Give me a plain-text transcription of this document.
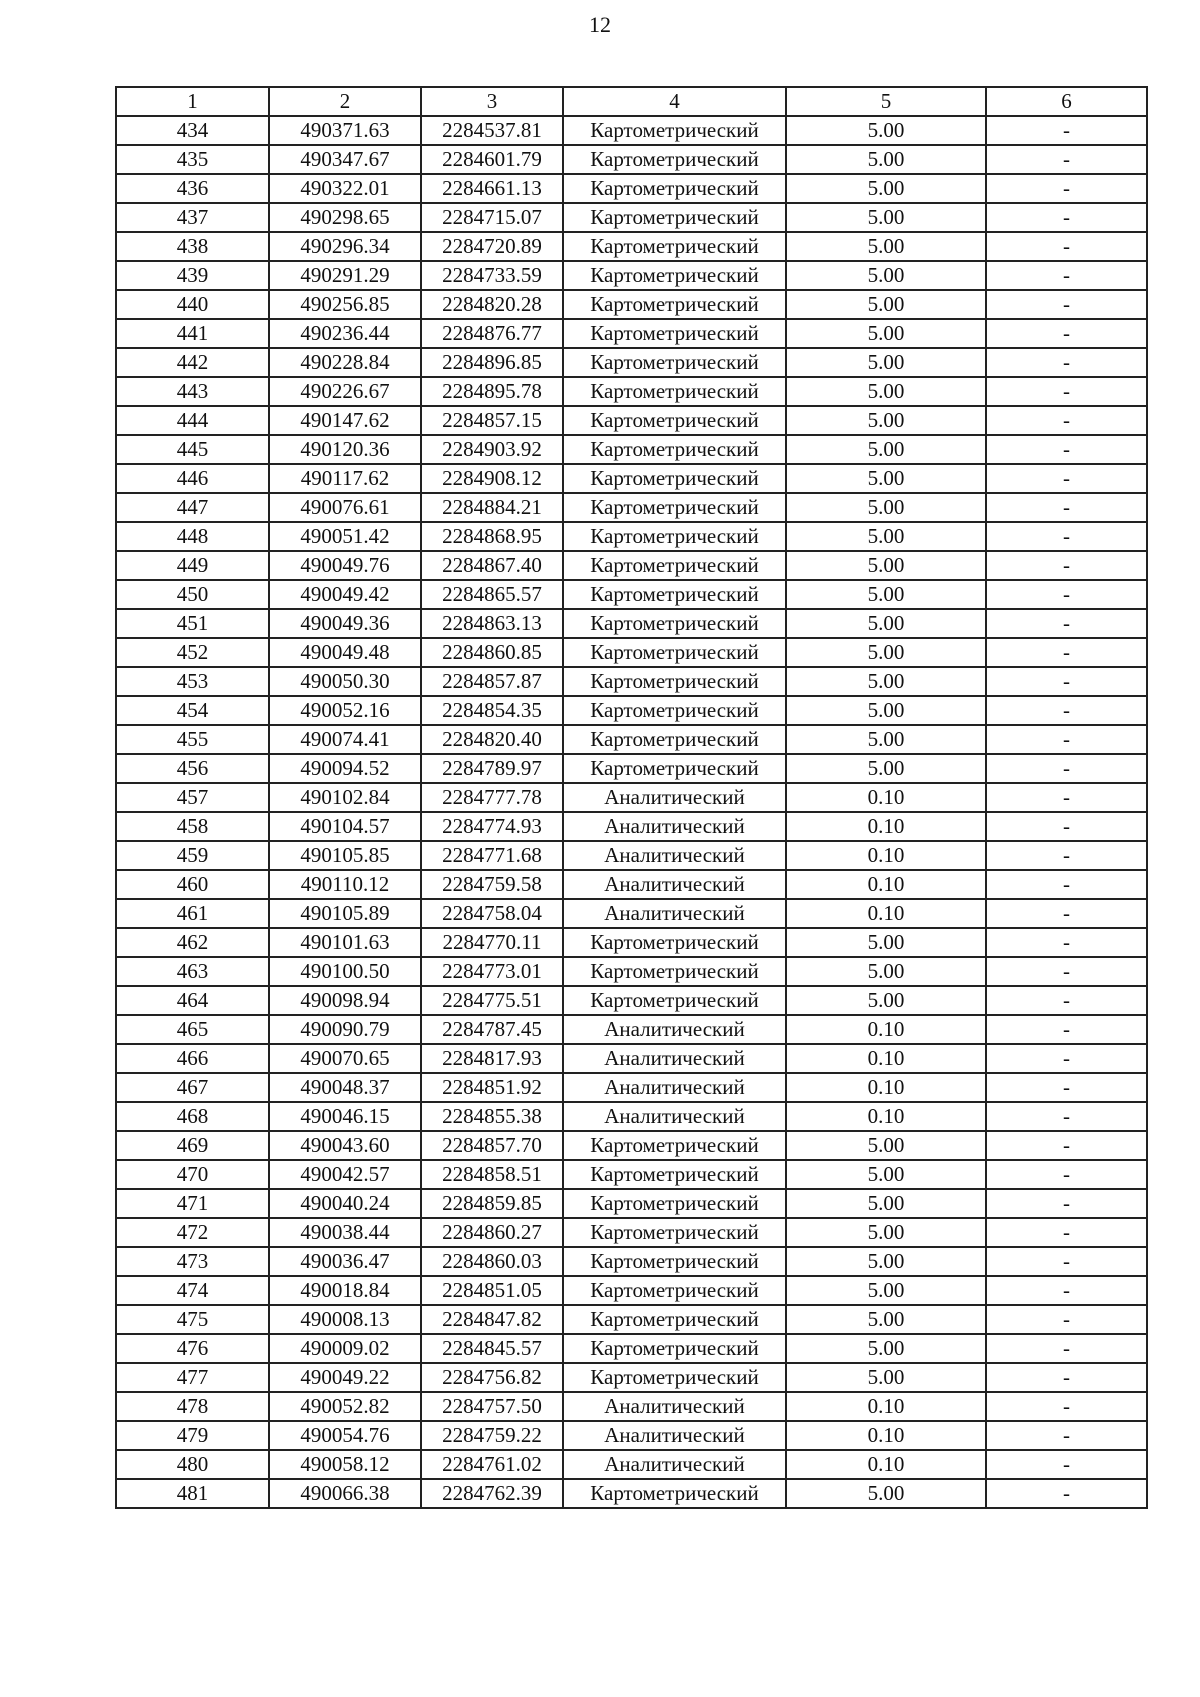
12
1	2	3	4	5	6
434	490371.63	2284537.81	Картометрический	5.00	-
435	490347.67	2284601.79	Картометрический	5.00	-
436	490322.01	2284661.13	Картометрический	5.00	-
437	490298.65	2284715.07	Картометрический	5.00	-
438	490296.34	2284720.89	Картометрический	5.00	-
439	490291.29	2284733.59	Картометрический	5.00	-
440	490256.85	2284820.28	Картометрический	5.00	-
441	490236.44	2284876.77	Картометрический	5.00	-
442	490228.84	2284896.85	Картометрический	5.00	-
443	490226.67	2284895.78	Картометрический	5.00	-
444	490147.62	2284857.15	Картометрический	5.00	-
445	490120.36	2284903.92	Картометрический	5.00	-
446	490117.62	2284908.12	Картометрический	5.00	-
447	490076.61	2284884.21	Картометрический	5.00	-
448	490051.42	2284868.95	Картометрический	5.00	-
449	490049.76	2284867.40	Картометрический	5.00	-
450	490049.42	2284865.57	Картометрический	5.00	-
451	490049.36	2284863.13	Картометрический	5.00	-
452	490049.48	2284860.85	Картометрический	5.00	-
453	490050.30	2284857.87	Картометрический	5.00	-
454	490052.16	2284854.35	Картометрический	5.00	-
455	490074.41	2284820.40	Картометрический	5.00	-
456	490094.52	2284789.97	Картометрический	5.00	-
457	490102.84	2284777.78	Аналитический	0.10	-
458	490104.57	2284774.93	Аналитический	0.10	-
459	490105.85	2284771.68	Аналитический	0.10	-
460	490110.12	2284759.58	Аналитический	0.10	-
461	490105.89	2284758.04	Аналитический	0.10	-
462	490101.63	2284770.11	Картометрический	5.00	-
463	490100.50	2284773.01	Картометрический	5.00	-
464	490098.94	2284775.51	Картометрический	5.00	-
465	490090.79	2284787.45	Аналитический	0.10	-
466	490070.65	2284817.93	Аналитический	0.10	-
467	490048.37	2284851.92	Аналитический	0.10	-
468	490046.15	2284855.38	Аналитический	0.10	-
469	490043.60	2284857.70	Картометрический	5.00	-
470	490042.57	2284858.51	Картометрический	5.00	-
471	490040.24	2284859.85	Картометрический	5.00	-
472	490038.44	2284860.27	Картометрический	5.00	-
473	490036.47	2284860.03	Картометрический	5.00	-
474	490018.84	2284851.05	Картометрический	5.00	-
475	490008.13	2284847.82	Картометрический	5.00	-
476	490009.02	2284845.57	Картометрический	5.00	-
477	490049.22	2284756.82	Картометрический	5.00	-
478	490052.82	2284757.50	Аналитический	0.10	-
479	490054.76	2284759.22	Аналитический	0.10	-
480	490058.12	2284761.02	Аналитический	0.10	-
481	490066.38	2284762.39	Картометрический	5.00	-
